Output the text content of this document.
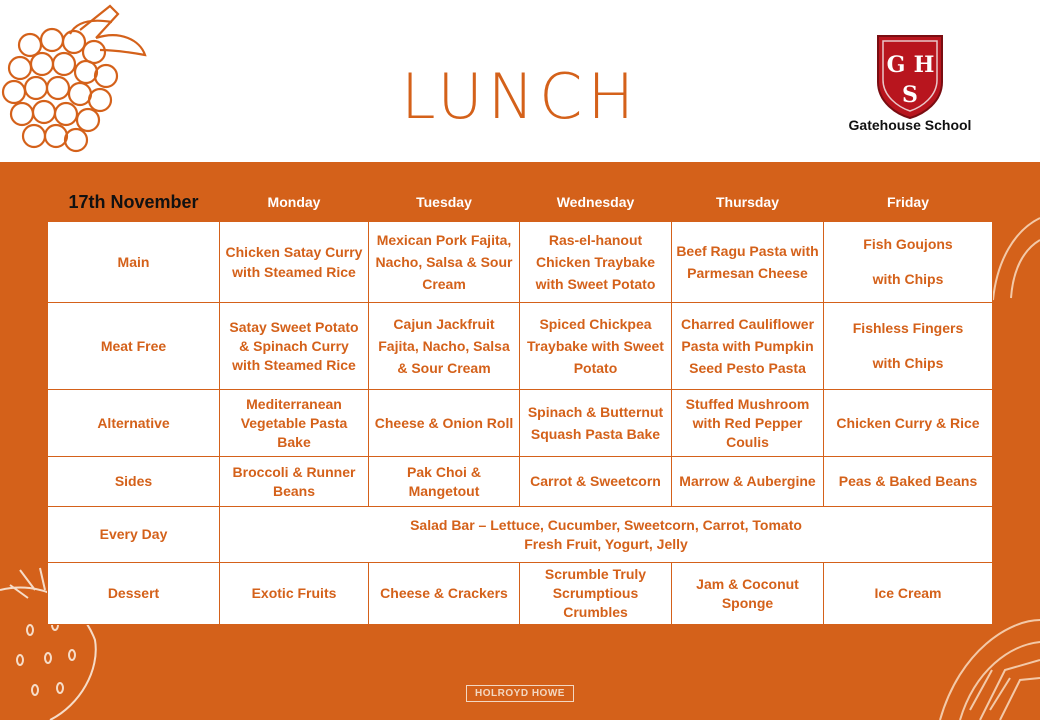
LUNCH	G H
S
Gatehouse School
17th November	Monday	Tuesday	Wednesday	Thursday	Friday
Main	Chicken Satay Curry with Steamed Rice	Mexican Pork Fajita, Nacho, Salsa & Sour Cream	Ras-el-hanout Chicken Traybake with Sweet Potato	Beef Ragu Pasta with Parmesan Cheese	Fish Goujons
with Chips

Meat Free	Satay Sweet Potato & Spinach Curry with Steamed Rice	Cajun Jackfruit Fajita, Nacho, Salsa & Sour Cream	Spiced Chickpea Traybake with Sweet Potato	Charred Cauliflower Pasta with Pumpkin Seed Pesto Pasta	Fishless Fingers
with Chips

Alternative	Mediterranean Vegetable Pasta Bake	Cheese & Onion Roll	Spinach & Butternut Squash Pasta Bake	Stuffed Mushroom with Red Pepper Coulis	Chicken Curry & Rice
Sides	Broccoli & Runner Beans	Pak Choi & Mangetout	Carrot & Sweetcorn	Marrow & Aubergine	Peas & Baked Beans
Every Day	Salad Bar – Lettuce, Cucumber, Sweetcorn, Carrot, Tomato
Fresh Fruit, Yogurt, Jelly				
Dessert	Exotic Fruits	Cheese & Crackers	Scrumble Truly Scrumptious Crumbles	Jam & Coconut Sponge	Ice Cream
HOLROYD HOWE
